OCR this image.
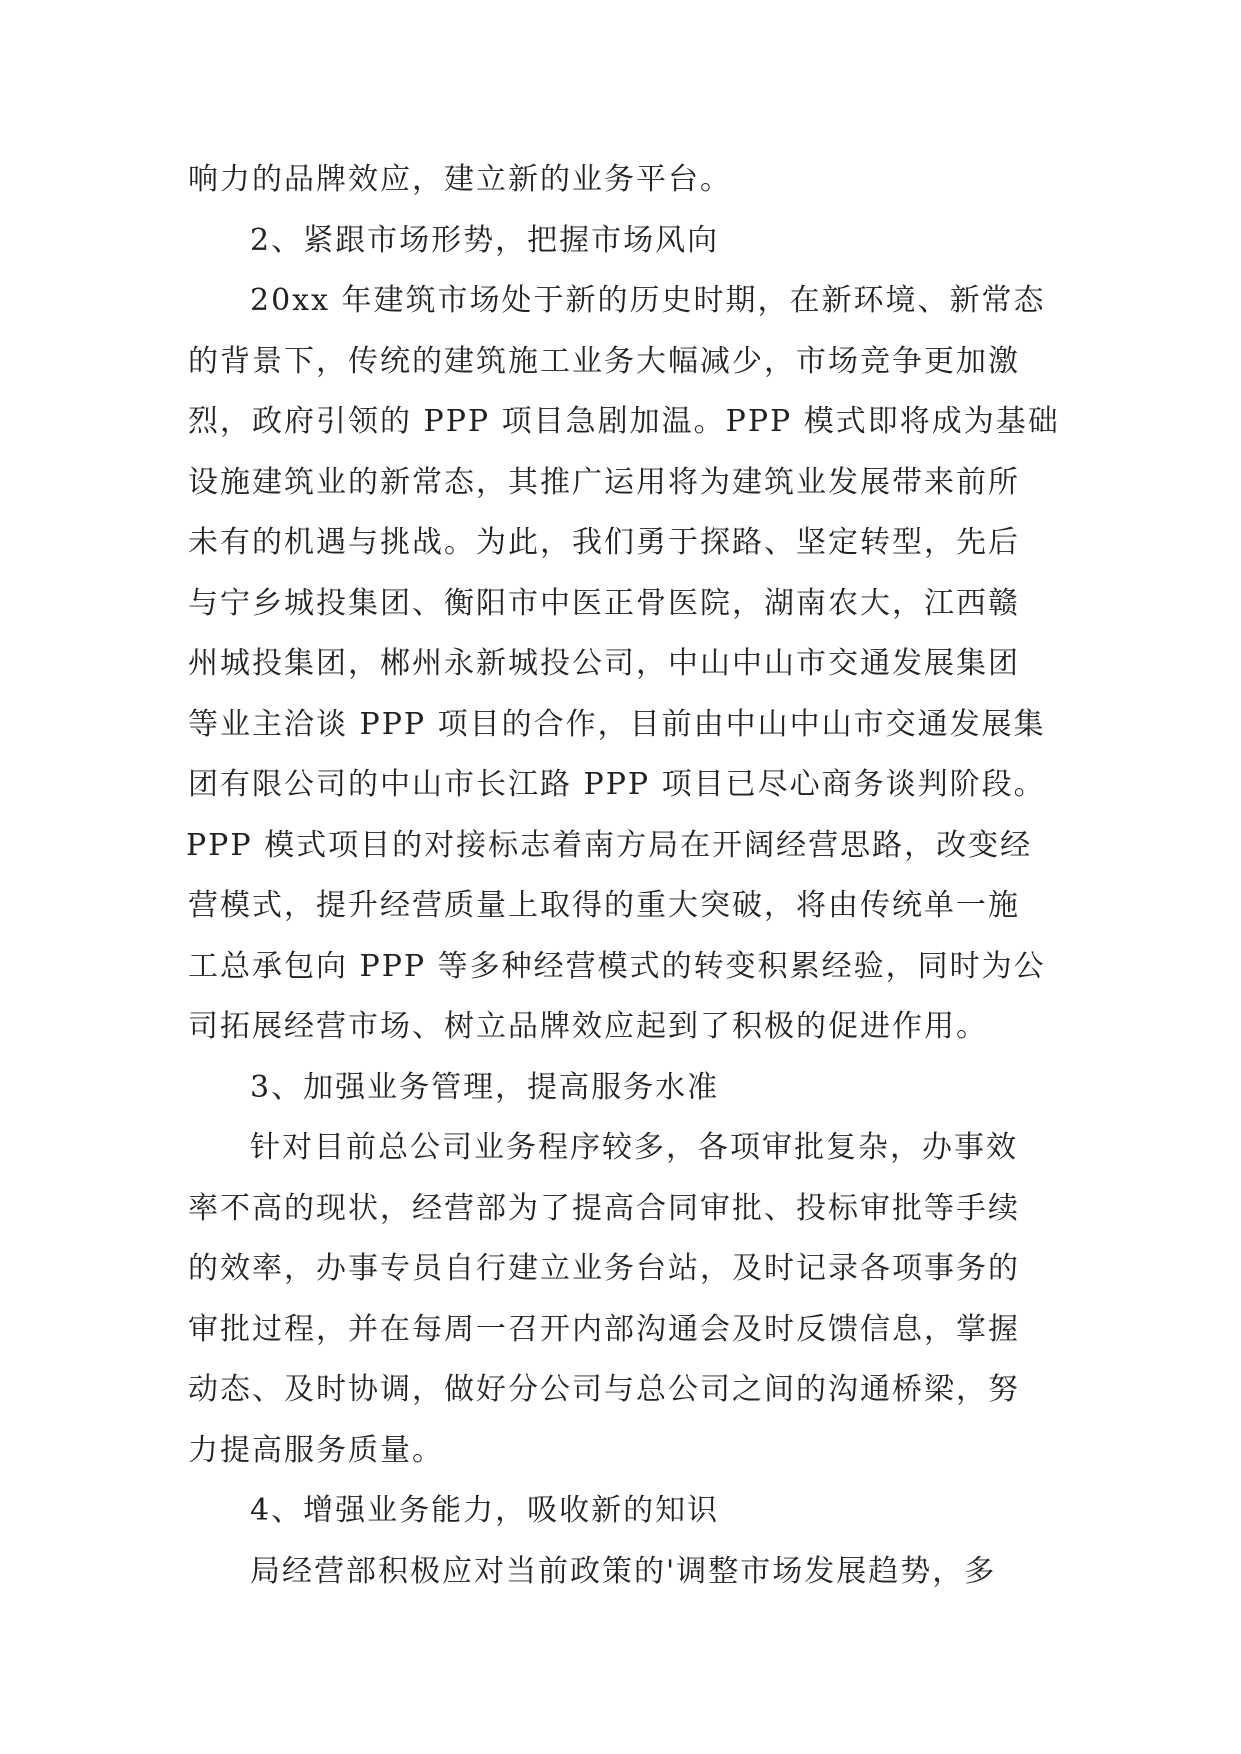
响力的品牌效应，建立新的业务平台。
2、紧跟市场形势，把握市场风向
20xx 年建筑市场处于新的历史时期，在新环境、新常态
的背景下，传统的建筑施工业务大幅减少，市场竞争更加激
烈，政府引领的 PPP 项目急剧加温。PPP 模式即将成为基础
设施建筑业的新常态，其推广运用将为建筑业发展带来前所
未有的机遇与挑战。为此，我们勇于探路、坚定转型，先后
与宁乡城投集团、衡阳市中医正骨医院，湖南农大，江西赣
州城投集团，郴州永新城投公司，中山中山市交通发展集团
等业主洽谈 PPP 项目的合作，目前由中山中山市交通发展集
团有限公司的中山市长江路 PPP 项目已尽心商务谈判阶段。
PPP 模式项目的对接标志着南方局在开阔经营思路，改变经
营模式，提升经营质量上取得的重大突破，将由传统单一施
工总承包向 PPP 等多种经营模式的转变积累经验，同时为公
司拓展经营市场、树立品牌效应起到了积极的促进作用。
3、加强业务管理，提高服务水准
针对目前总公司业务程序较多，各项审批复杂，办事效
率不高的现状，经营部为了提高合同审批、投标审批等手续
的效率，办事专员自行建立业务台站，及时记录各项事务的
审批过程，并在每周一召开内部沟通会及时反馈信息，掌握
动态、及时协调，做好分公司与总公司之间的沟通桥梁，努
力提高服务质量。
4、增强业务能力，吸收新的知识
局经营部积极应对当前政策的'调整市场发展趋势，多
